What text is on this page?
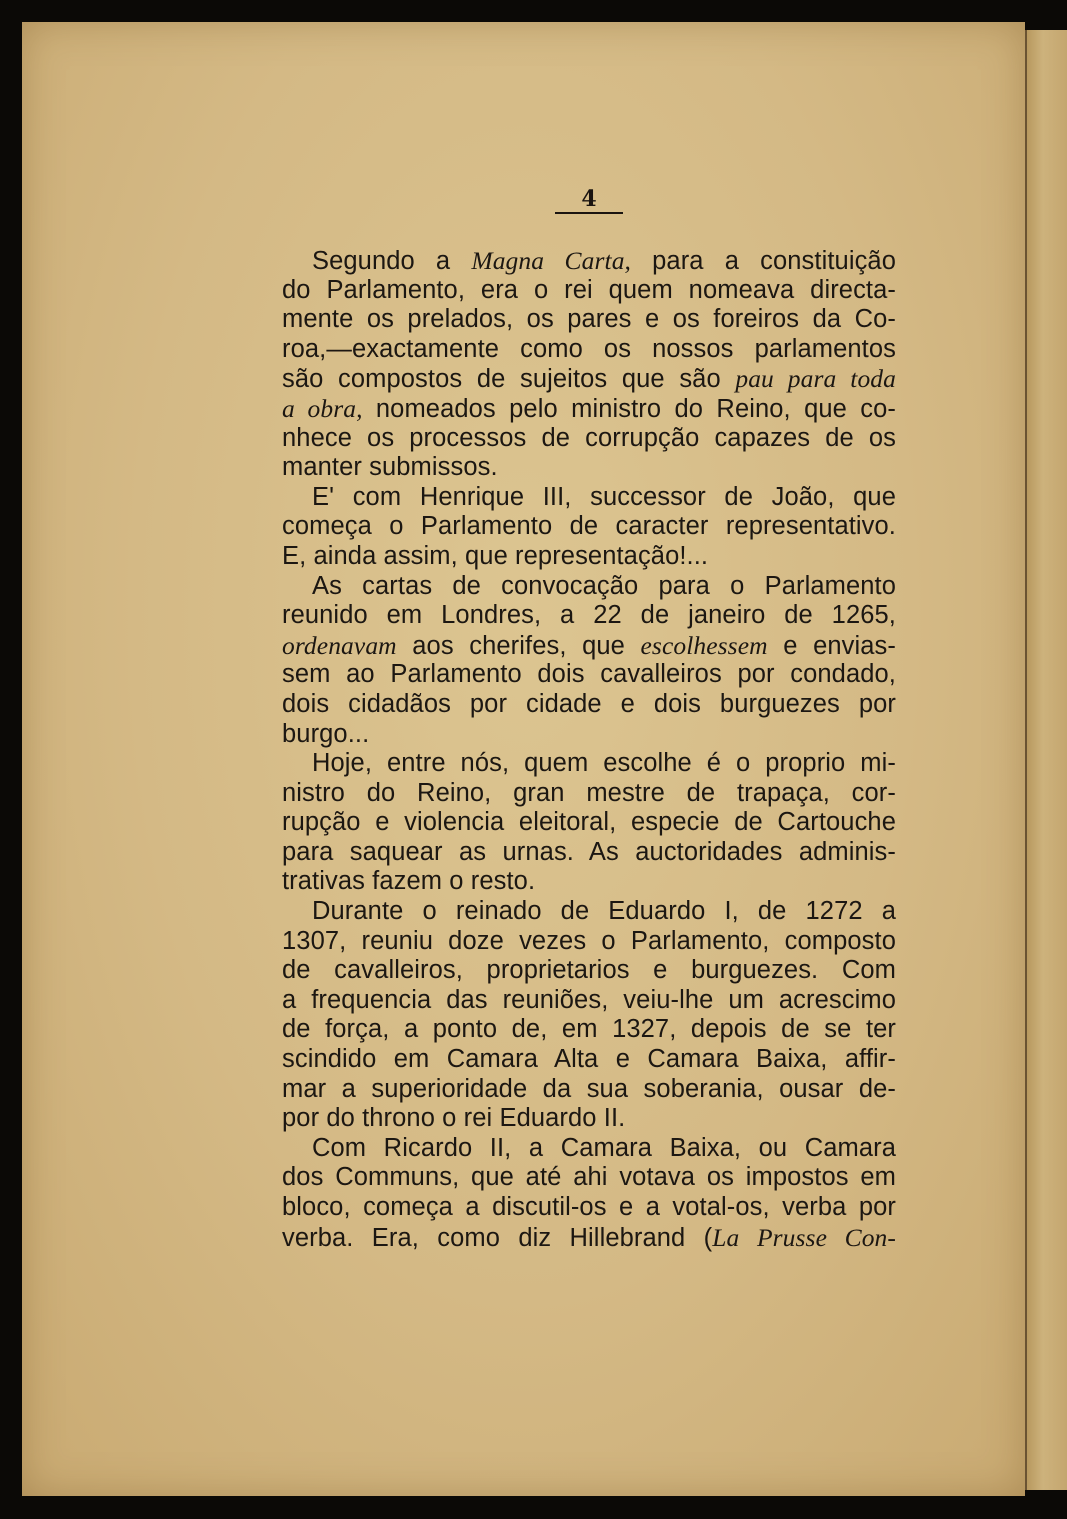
4
Segundo a Magna Carta, para a constituição
do Parlamento, era o rei quem nomeava directa-
mente os prelados, os pares e os foreiros da Co-
roa,—exactamente como os nossos parlamentos
são compostos de sujeitos que são pau para toda
a obra, nomeados pelo ministro do Reino, que co-
nhece os processos de corrupção capazes de os
manter submissos.
E' com Henrique III, successor de João, que
começa o Parlamento de caracter representativo.
E, ainda assim, que representação!...
As cartas de convocação para o Parlamento
reunido em Londres, a 22 de janeiro de 1265,
ordenavam aos cherifes, que escolhessem e envias-
sem ao Parlamento dois cavalleiros por condado,
dois cidadãos por cidade e dois burguezes por
burgo...
Hoje, entre nós, quem escolhe é o proprio mi-
nistro do Reino, gran mestre de trapaça, cor-
rupção e violencia eleitoral, especie de Cartouche
para saquear as urnas. As auctoridades adminis-
trativas fazem o resto.
Durante o reinado de Eduardo I, de 1272 a
1307, reuniu doze vezes o Parlamento, composto
de cavalleiros, proprietarios e burguezes. Com
a frequencia das reuniões, veiu-lhe um acrescimo
de força, a ponto de, em 1327, depois de se ter
scindido em Camara Alta e Camara Baixa, affir-
mar a superioridade da sua soberania, ousar de-
por do throno o rei Eduardo II.
Com Ricardo II, a Camara Baixa, ou Camara
dos Communs, que até ahi votava os impostos em
bloco, começa a discutil-os e a votal-os, verba por
verba. Era, como diz Hillebrand (La Prusse Con-
